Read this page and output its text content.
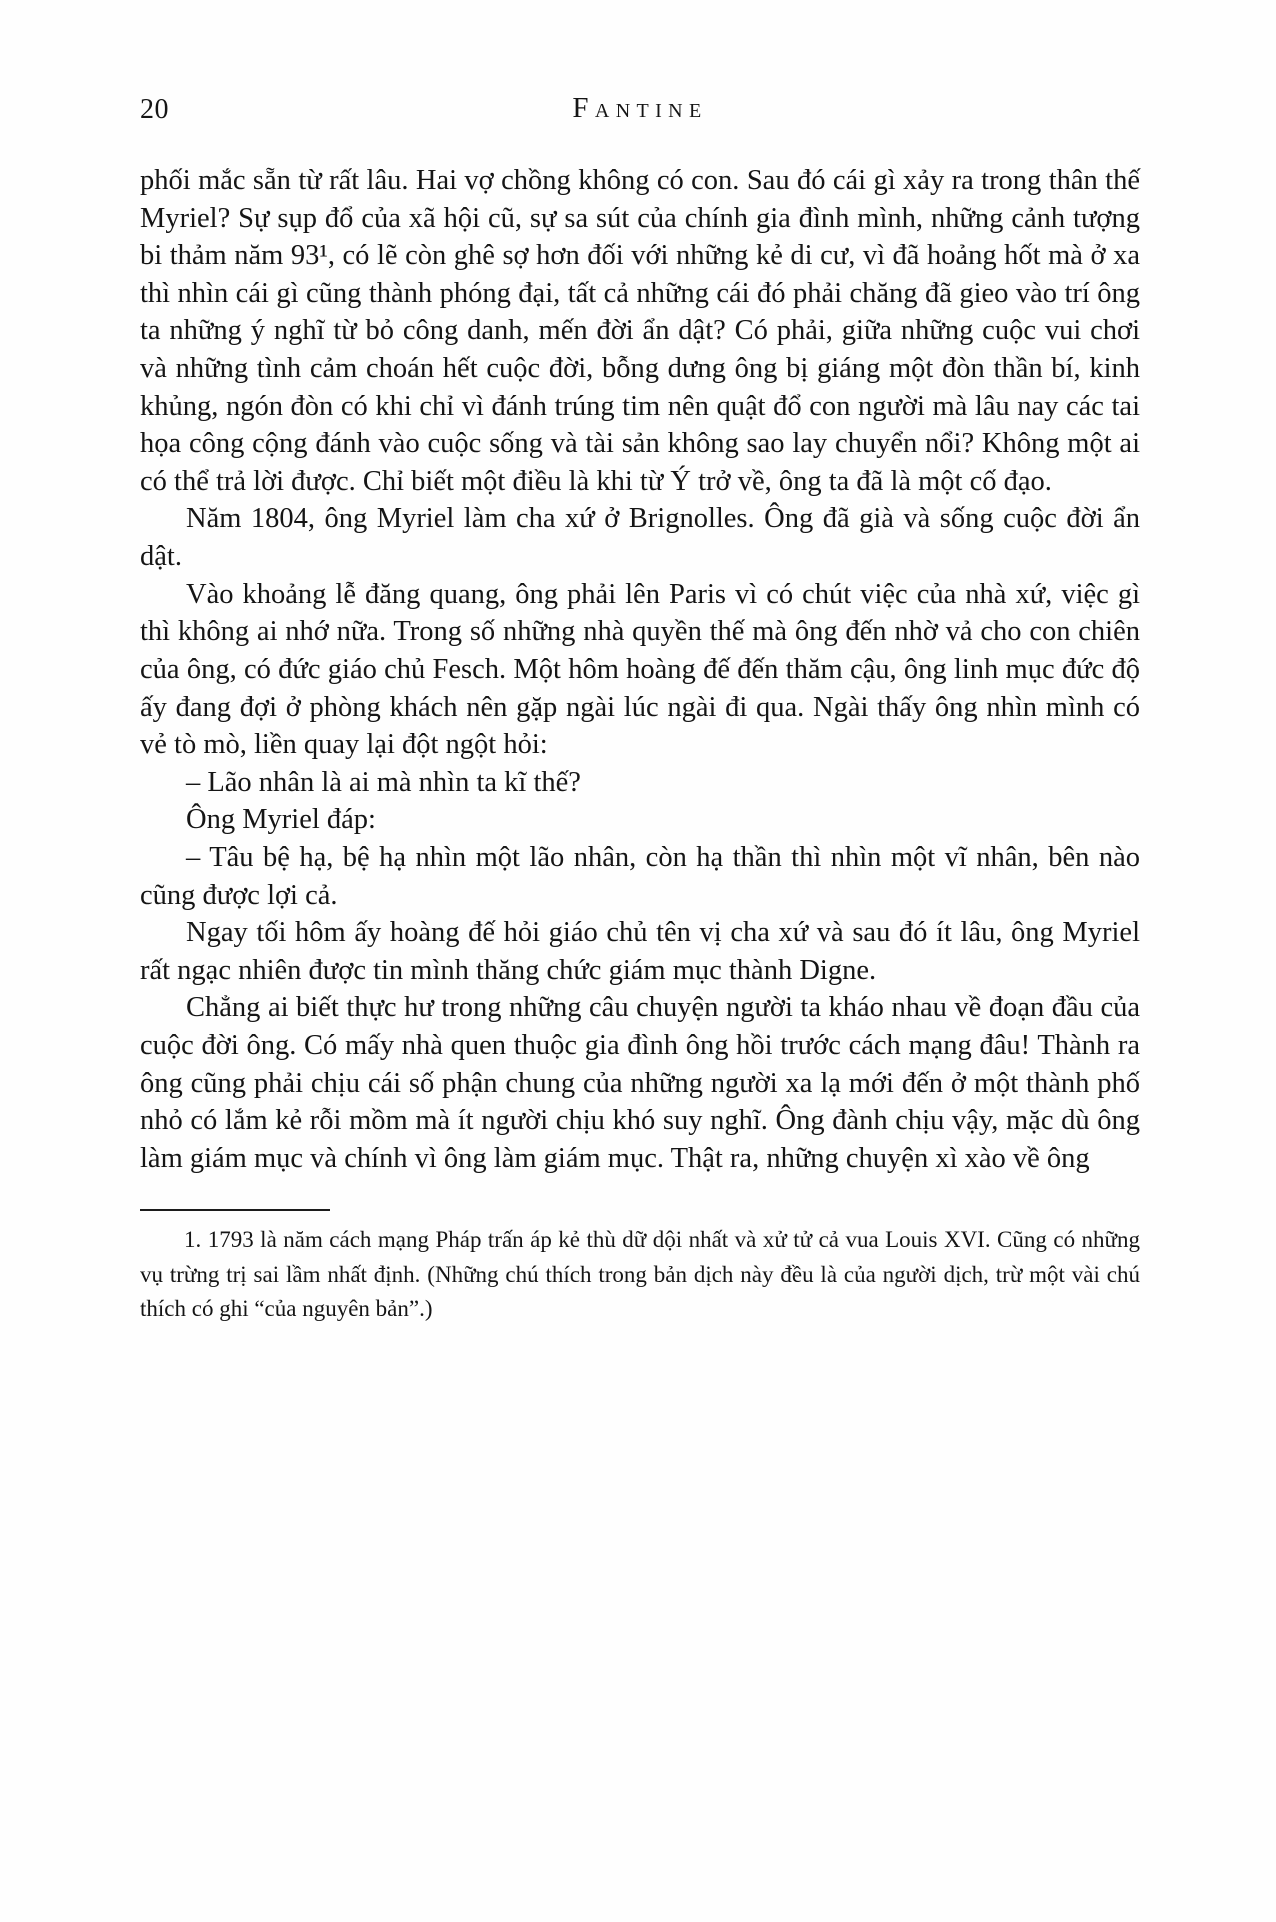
20	Fantine

phối mắc sẵn từ rất lâu. Hai vợ chồng không có con. Sau đó cái gì xảy ra trong thân thế Myriel? Sự sụp đổ của xã hội cũ, sự sa sút của chính gia đình mình, những cảnh tượng bi thảm năm 93¹, có lẽ còn ghê sợ hơn đối với những kẻ di cư, vì đã hoảng hốt mà ở xa thì nhìn cái gì cũng thành phóng đại, tất cả những cái đó phải chăng đã gieo vào trí ông ta những ý nghĩ từ bỏ công danh, mến đời ẩn dật? Có phải, giữa những cuộc vui chơi và những tình cảm choán hết cuộc đời, bỗng dưng ông bị giáng một đòn thần bí, kinh khủng, ngón đòn có khi chỉ vì đánh trúng tim nên quật đổ con người mà lâu nay các tai họa công cộng đánh vào cuộc sống và tài sản không sao lay chuyển nổi? Không một ai có thể trả lời được. Chỉ biết một điều là khi từ Ý trở về, ông ta đã là một cố đạo.

Năm 1804, ông Myriel làm cha xứ ở Brignolles. Ông đã già và sống cuộc đời ẩn dật.

Vào khoảng lễ đăng quang, ông phải lên Paris vì có chút việc của nhà xứ, việc gì thì không ai nhớ nữa. Trong số những nhà quyền thế mà ông đến nhờ vả cho con chiên của ông, có đức giáo chủ Fesch. Một hôm hoàng đế đến thăm cậu, ông linh mục đức độ ấy đang đợi ở phòng khách nên gặp ngài lúc ngài đi qua. Ngài thấy ông nhìn mình có vẻ tò mò, liền quay lại đột ngột hỏi:

– Lão nhân là ai mà nhìn ta kĩ thế?

Ông Myriel đáp:

– Tâu bệ hạ, bệ hạ nhìn một lão nhân, còn hạ thần thì nhìn một vĩ nhân, bên nào cũng được lợi cả.

Ngay tối hôm ấy hoàng đế hỏi giáo chủ tên vị cha xứ và sau đó ít lâu, ông Myriel rất ngạc nhiên được tin mình thăng chức giám mục thành Digne.

Chẳng ai biết thực hư trong những câu chuyện người ta kháo nhau về đoạn đầu của cuộc đời ông. Có mấy nhà quen thuộc gia đình ông hồi trước cách mạng đâu! Thành ra ông cũng phải chịu cái số phận chung của những người xa lạ mới đến ở một thành phố nhỏ có lắm kẻ rỗi mồm mà ít người chịu khó suy nghĩ. Ông đành chịu vậy, mặc dù ông làm giám mục và chính vì ông làm giám mục. Thật ra, những chuyện xì xào về ông

1. 1793 là năm cách mạng Pháp trấn áp kẻ thù dữ dội nhất và xử tử cả vua Louis XVI. Cũng có những vụ trừng trị sai lầm nhất định. (Những chú thích trong bản dịch này đều là của người dịch, trừ một vài chú thích có ghi “của nguyên bản”.)
